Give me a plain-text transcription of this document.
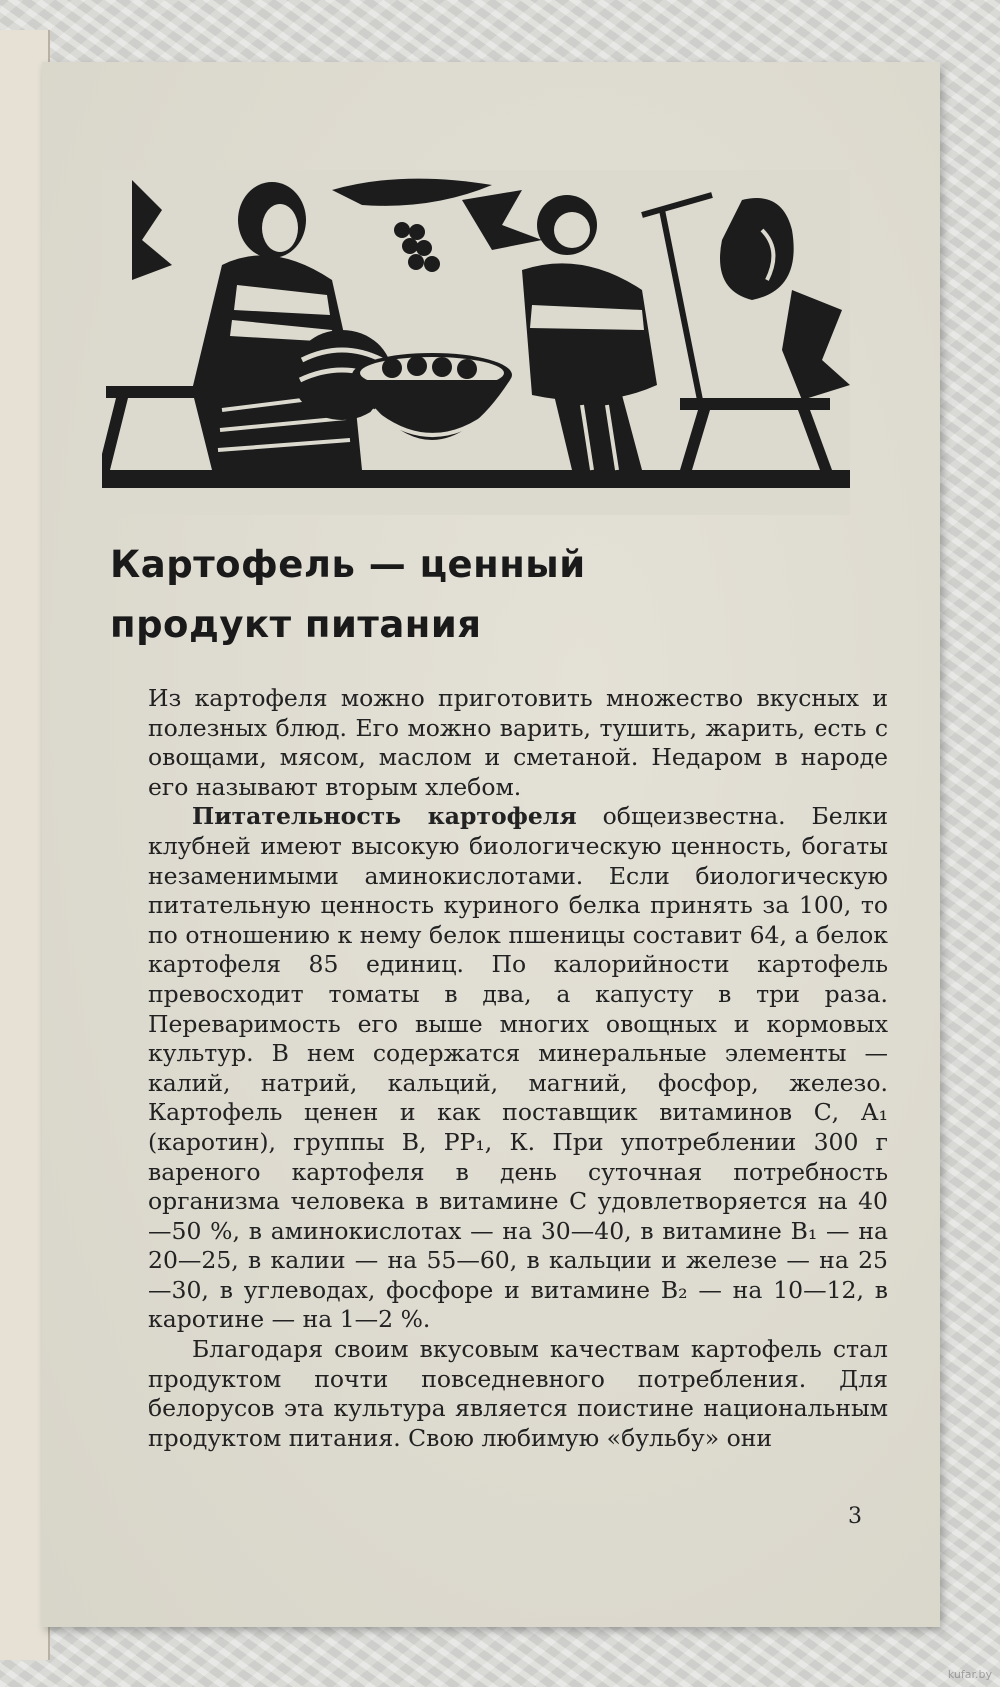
Картофель — ценный
продукт питания

Из картофеля можно приготовить множество вкусных и полезных блюд. Его можно варить, тушить, жарить, есть с овощами, мясом, маслом и сметаной. Недаром в народе его называют вторым хлебом.

Питательность картофеля общеизвестна. Белки клубней имеют высокую биологическую ценность, богаты незаменимыми аминокислотами. Если биологическую питательную ценность куриного белка принять за 100, то по отношению к нему белок пшеницы составит 64, а белок картофеля 85 единиц. По калорийности картофель превосходит томаты в два, а капусту в три раза. Переваримость его выше многих овощных и кормовых культур. В нем содержатся минеральные элементы — калий, натрий, кальций, магний, фосфор, железо. Картофель ценен и как поставщик витаминов С, А₁ (каротин), группы В, РР₁, К. При употреблении 300 г вареного картофеля в день суточная потребность организма человека в витамине С удовлетворяется на 40—50 %, в аминокислотах — на 30—40, в витамине В₁ — на 20—25, в калии — на 55—60, в кальции и железе — на 25—30, в углеводах, фосфоре и витамине В₂ — на 10—12, в каротине — на 1—2 %.

Благодаря своим вкусовым качествам картофель стал продуктом почти повседневного потребления. Для белорусов эта культура является поистине национальным продуктом питания. Свою любимую «бульбу» они

3
kufar.by
